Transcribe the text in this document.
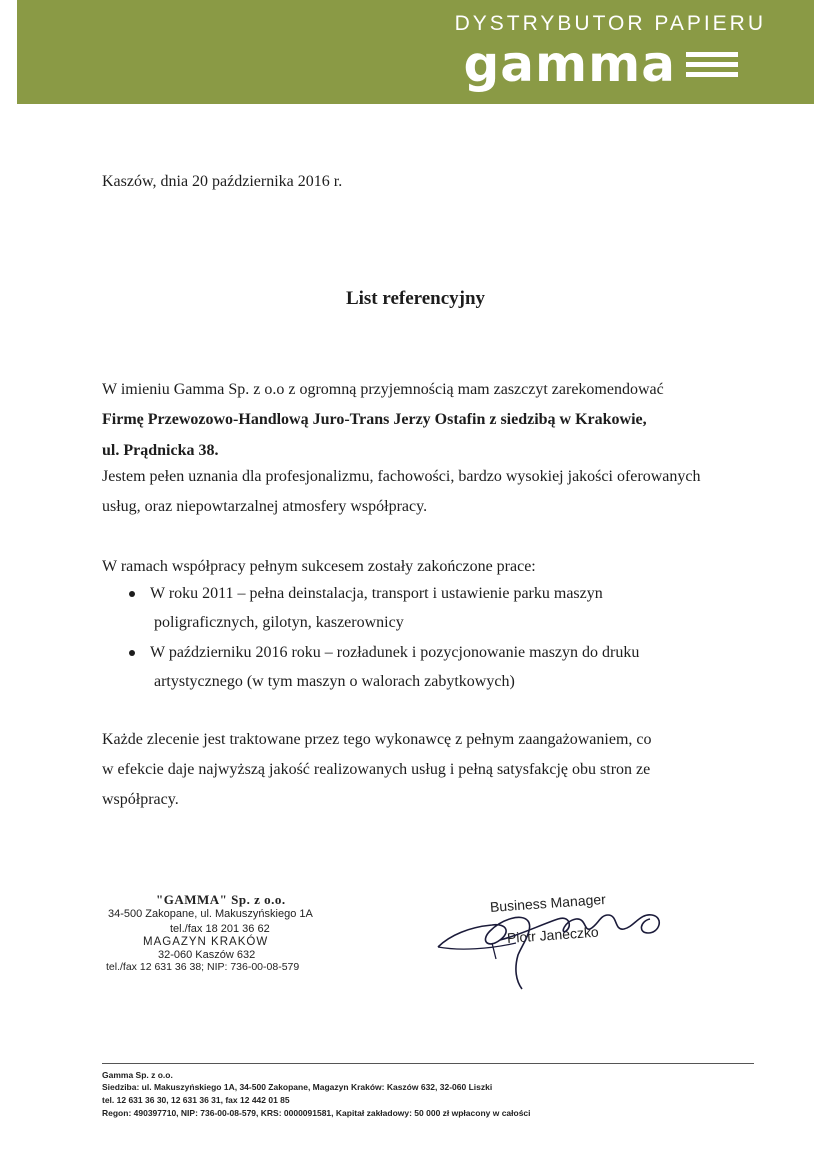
DYSTRYBUTOR PAPIERU
gamma
Kaszów, dnia 20 października 2016 r.
List referencyjny
W imieniu Gamma Sp. z o.o z ogromną przyjemnością mam zaszczyt zarekomendować
Firmę Przewozowo-Handlową Juro-Trans Jerzy Ostafin z siedzibą w Krakowie,
ul. Prądnicka 38.
Jestem pełen uznania dla profesjonalizmu, fachowości, bardzo wysokiej jakości oferowanych
usług, oraz niepowtarzalnej atmosfery współpracy.
W ramach współpracy pełnym sukcesem zostały zakończone prace:
W roku 2011 – pełna deinstalacja, transport i ustawienie parku maszyn
poligraficznych, gilotyn, kaszerownicy
W październiku 2016 roku – rozładunek i pozycjonowanie maszyn do druku
artystycznego (w tym maszyn o walorach zabytkowych)
Każde zlecenie jest traktowane przez tego wykonawcę z pełnym zaangażowaniem, co
w efekcie daje najwyższą jakość realizowanych usług i pełną satysfakcję obu stron ze
współpracy.
"GAMMA" Sp. z o.o.
34-500 Zakopane, ul. Makuszyńskiego 1A
tel./fax 18 201 36 62
MAGAZYN KRAKÓW
32-060 Kaszów 632
tel./fax 12 631 36 38; NIP: 736-00-08-579
Business Manager
Piotr Janeczko
Gamma Sp. z o.o.
Siedziba: ul. Makuszyńskiego 1A, 34-500 Zakopane, Magazyn Kraków: Kaszów 632, 32-060 Liszki
tel. 12 631 36 30, 12 631 36 31, fax 12 442 01 85
Regon: 490397710, NIP: 736-00-08-579, KRS: 0000091581, Kapitał zakładowy: 50 000 zł wpłacony w całości
